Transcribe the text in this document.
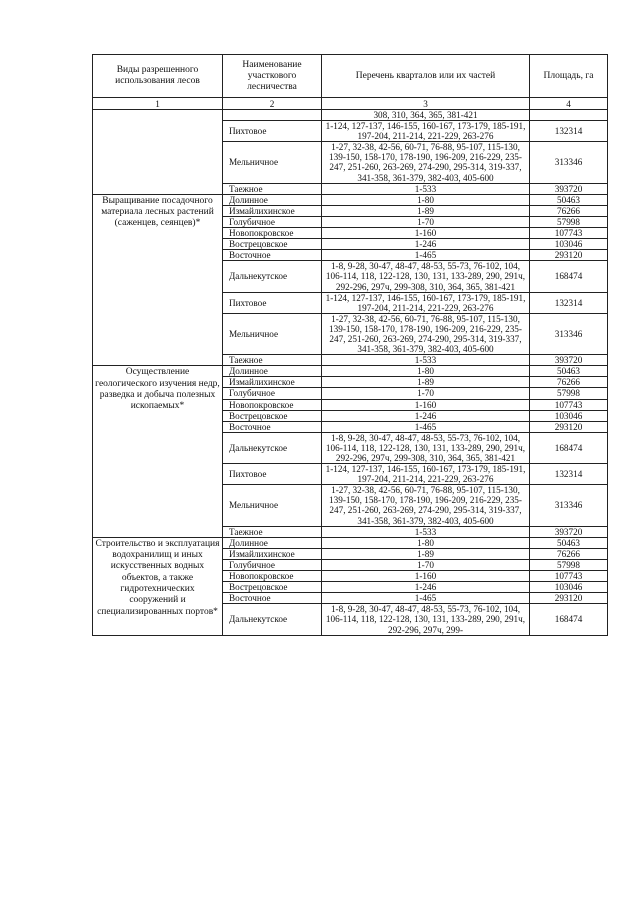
Виды разрешенного использования лесов	Наименование участкового лесничества	Перечень кварталов или их частей	Площадь, га
1	2	3	4
		308, 310, 364, 365, 381-421	
	Пихтовое	1-124, 127-137, 146-155, 160-167, 173-179, 185-191, 197-204, 211-214, 221-229, 263-276	132314
	Мельничное	1-27, 32-38, 42-56, 60-71, 76-88, 95-107, 115-130, 139-150, 158-170, 178-190, 196-209, 216-229, 235-247, 251-260, 263-269, 274-290, 295-314, 319-337, 341-358, 361-379, 382-403, 405-600	313346
	Таежное	1-533	393720
Выращивание посадочного материала лесных растений (саженцев, сеянцев)*	Долинное	1-80	50463
	Измайлихинское	1-89	76266
	Голубичное	1-70	57998
	Новопокровское	1-160	107743
	Вострецовское	1-246	103046
	Восточное	1-465	293120
	Дальнекутское	1-8, 9-28, 30-47, 48-47, 48-53, 55-73, 76-102, 104, 106-114, 118, 122-128, 130, 131, 133-289, 290, 291ч, 292-296, 297ч, 299-308, 310, 364, 365, 381-421	168474
	Пихтовое	1-124, 127-137, 146-155, 160-167, 173-179, 185-191, 197-204, 211-214, 221-229, 263-276	132314
	Мельничное	1-27, 32-38, 42-56, 60-71, 76-88, 95-107, 115-130, 139-150, 158-170, 178-190, 196-209, 216-229, 235-247, 251-260, 263-269, 274-290, 295-314, 319-337, 341-358, 361-379, 382-403, 405-600	313346
	Таежное	1-533	393720
Осуществление геологического изучения недр, разведка и добыча полезных ископаемых*	Долинное	1-80	50463
	Измайлихинское	1-89	76266
	Голубичное	1-70	57998
	Новопокровское	1-160	107743
	Вострецовское	1-246	103046
	Восточное	1-465	293120
	Дальнекутское	1-8, 9-28, 30-47, 48-47, 48-53, 55-73, 76-102, 104, 106-114, 118, 122-128, 130, 131, 133-289, 290, 291ч, 292-296, 297ч, 299-308, 310, 364, 365, 381-421	168474
	Пихтовое	1-124, 127-137, 146-155, 160-167, 173-179, 185-191, 197-204, 211-214, 221-229, 263-276	132314
	Мельничное	1-27, 32-38, 42-56, 60-71, 76-88, 95-107, 115-130, 139-150, 158-170, 178-190, 196-209, 216-229, 235-247, 251-260, 263-269, 274-290, 295-314, 319-337, 341-358, 361-379, 382-403, 405-600	313346
	Таежное	1-533	393720
Строительство и эксплуатация водохранилищ и иных искусственных водных объектов, а также гидротехнических сооружений и специализированных портов*	Долинное	1-80	50463
	Измайлихинское	1-89	76266
	Голубичное	1-70	57998
	Новопокровское	1-160	107743
	Вострецовское	1-246	103046
	Восточное	1-465	293120
	Дальнекутское	1-8, 9-28, 30-47, 48-47, 48-53, 55-73, 76-102, 104, 106-114, 118, 122-128, 130, 131, 133-289, 290, 291ч, 292-296, 297ч, 299-	168474
